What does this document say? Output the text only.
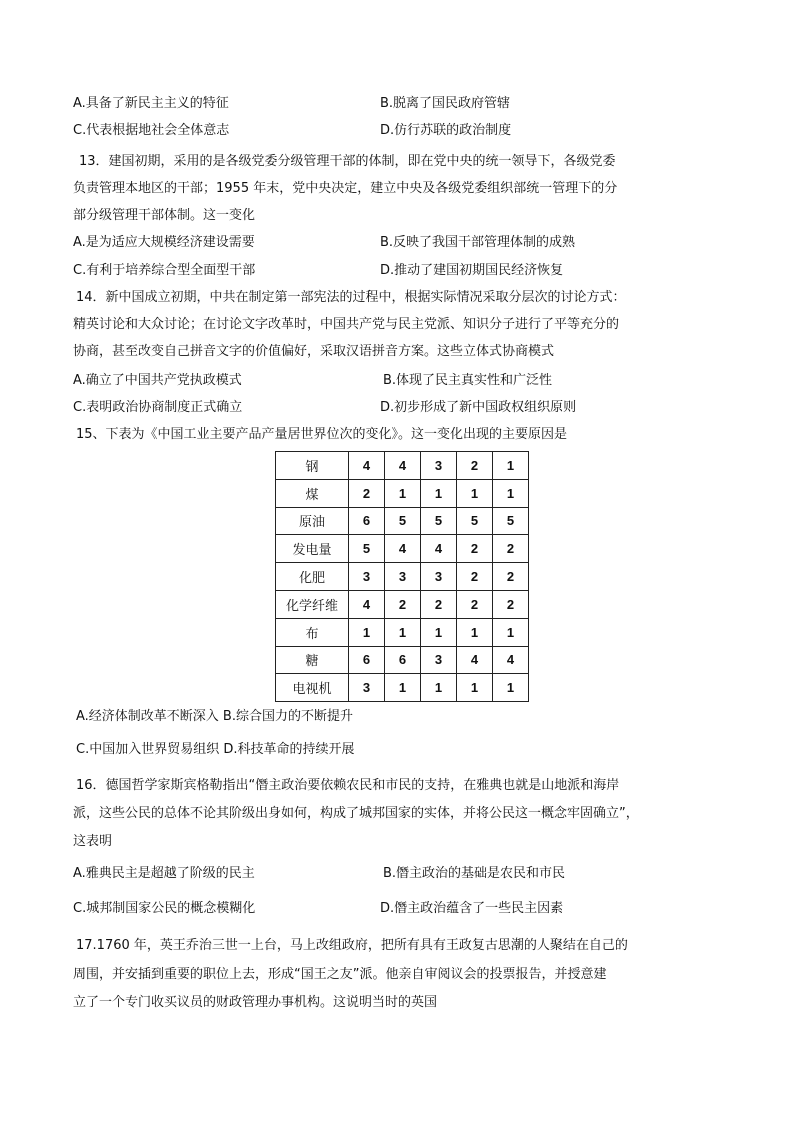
A.具备了新民主主义的特征	B.脱离了国民政府管辖
C.代表根据地社会全体意志	D.仿行苏联的政治制度
13．建国初期，采用的是各级党委分级管理干部的体制，即在党中央的统一领导下，各级党委
负责管理本地区的干部；1955 年末，党中央决定，建立中央及各级党委组织部统一管理下的分
部分级管理干部体制。这一变化
A.是为适应大规模经济建设需要	B.反映了我国干部管理体制的成熟
C.有利于培养综合型全面型干部	D.推动了建国初期国民经济恢复
14．新中国成立初期，中共在制定第一部宪法的过程中，根据实际情况采取分层次的讨论方式：
精英讨论和大众讨论；在讨论文字改革时，中国共产党与民主党派、知识分子进行了平等充分的
协商，甚至改变自己拼音文字的价值偏好，采取汉语拼音方案。这些立体式协商模式
A.确立了中国共产党执政模式	B.体现了民主真实性和广泛性
C.表明政治协商制度正式确立	D.初步形成了新中国政权组织原则
15、下表为《中国工业主要产品产量居世界位次的变化》。这一变化出现的主要原因是
钢	4	4	3	2	1
煤	2	1	1	1	1
原油	6	5	5	5	5
发电量	5	4	4	2	2
化肥	3	3	3	2	2
化学纤维	4	2	2	2	2
布	1	1	1	1	1
糖	6	6	3	4	4
电视机	3	1	1	1	1
A.经济体制改革不断深入 B.综合国力的不断提升
C.中国加入世界贸易组织 D.科技革命的持续开展
16．德国哲学家斯宾格勒指出“僭主政治要依赖农民和市民的支持，在雅典也就是山地派和海岸
派，这些公民的总体不论其阶级出身如何，构成了城邦国家的实体，并将公民这一概念牢固确立”，
这表明
A.雅典民主是超越了阶级的民主	B.僭主政治的基础是农民和市民
C.城邦制国家公民的概念模糊化	D.僭主政治蕴含了一些民主因素
17.1760 年，英王乔治三世一上台，马上改组政府，把所有具有王政复古思潮的人聚结在自己的
周围，并安插到重要的职位上去，形成“国王之友”派。他亲自审阅议会的投票报告，并授意建
立了一个专门收买议员的财政管理办事机构。这说明当时的英国
